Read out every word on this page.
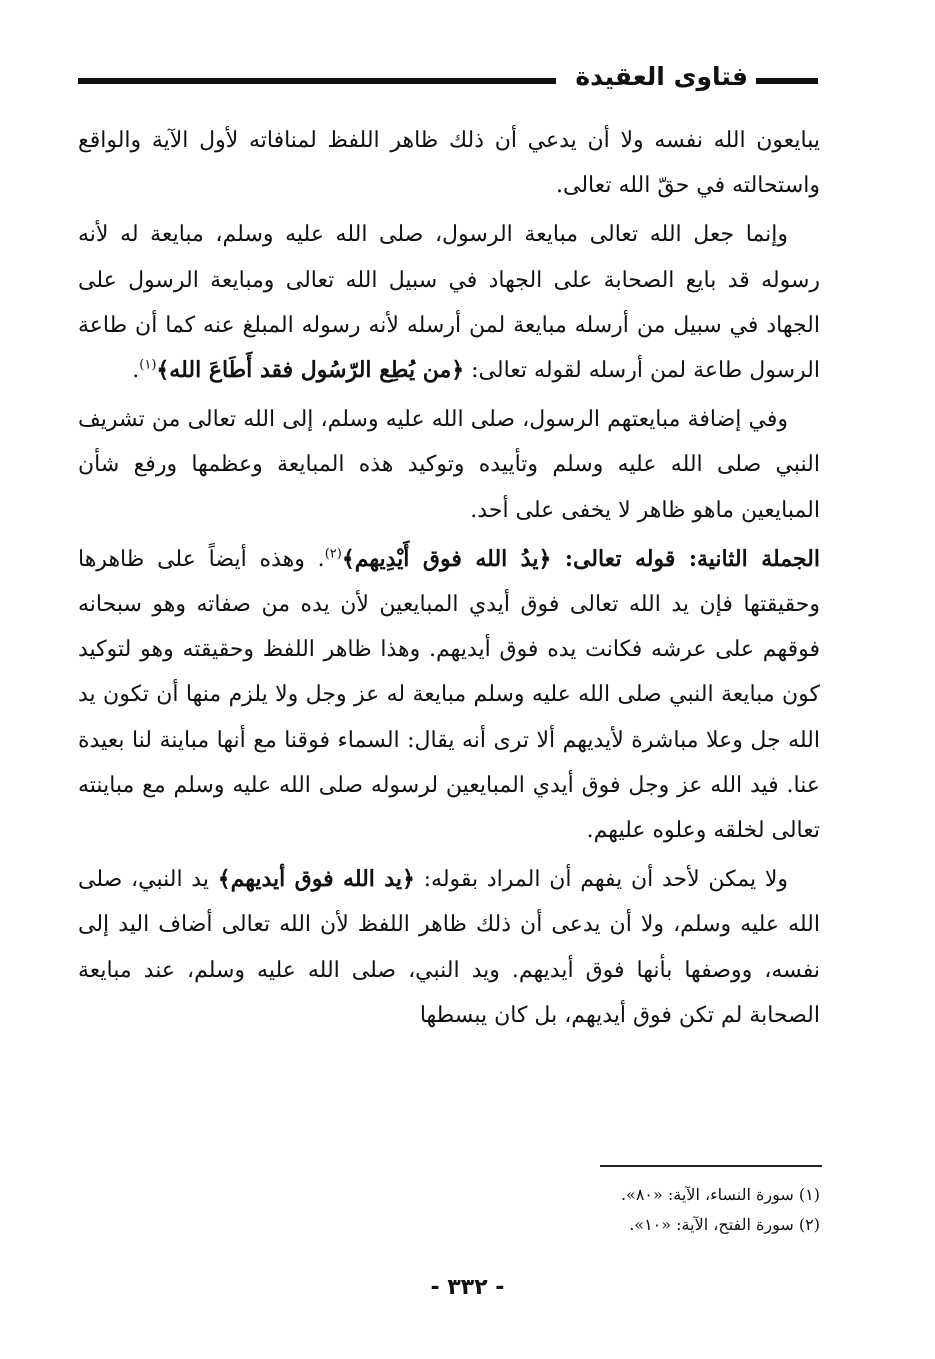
فتاوى العقيدة

يبايعون الله نفسه ولا أن يدعي أن ذلك ظاهر اللفظ لمنافاته لأول الآية والواقع واستحالته في حقّ الله تعالى.

وإنما جعل الله تعالى مبايعة الرسول، صلى الله عليه وسلم، مبايعة له لأنه رسوله قد بايع الصحابة على الجهاد في سبيل الله تعالى ومبايعة الرسول على الجهاد في سبيل من أرسله مبايعة لمن أرسله لأنه رسوله المبلغ عنه كما أن طاعة الرسول طاعة لمن أرسله لقوله تعالى: ﴿من يُطِع الرّسُول فقد أَطَاعَ الله﴾$^{(١)}$.

وفي إضافة مبايعتهم الرسول، صلى الله عليه وسلم، إلى الله تعالى من تشريف النبي صلى الله عليه وسلم وتأييده وتوكيد هذه المبايعة وعظمها ورفع شأن المبايعين ماهو ظاهر لا يخفى على أحد.

الجملة الثانية: قوله تعالى: ﴿يدُ الله فوق أَيْدِيهم﴾$^{(٢)}$. وهذه أيضاً على ظاهرها وحقيقتها فإن يد الله تعالى فوق أيدي المبايعين لأن يده من صفاته وهو سبحانه فوقهم على عرشه فكانت يده فوق أيديهم. وهذا ظاهر اللفظ وحقيقته وهو لتوكيد كون مبايعة النبي صلى الله عليه وسلم مبايعة له عز وجل ولا يلزم منها أن تكون يد الله جل وعلا مباشرة لأيديهم ألا ترى أنه يقال: السماء فوقنا مع أنها مباينة لنا بعيدة عنا. فيد الله عز وجل فوق أيدي المبايعين لرسوله صلى الله عليه وسلم مع مباينته تعالى لخلقه وعلوه عليهم.

ولا يمكن لأحد أن يفهم أن المراد بقوله: ﴿يد الله فوق أيديهم﴾ يد النبي، صلى الله عليه وسلم، ولا أن يدعى أن ذلك ظاهر اللفظ لأن الله تعالى أضاف اليد إلى نفسه، ووصفها بأنها فوق أيديهم. ويد النبي، صلى الله عليه وسلم، عند مبايعة الصحابة لم تكن فوق أيديهم، بل كان يبسطها

(١) سورة النساء، الآية: «٨٠».
(٢) سورة الفتح، الآية: «١٠».
- ٣٣٢ -
